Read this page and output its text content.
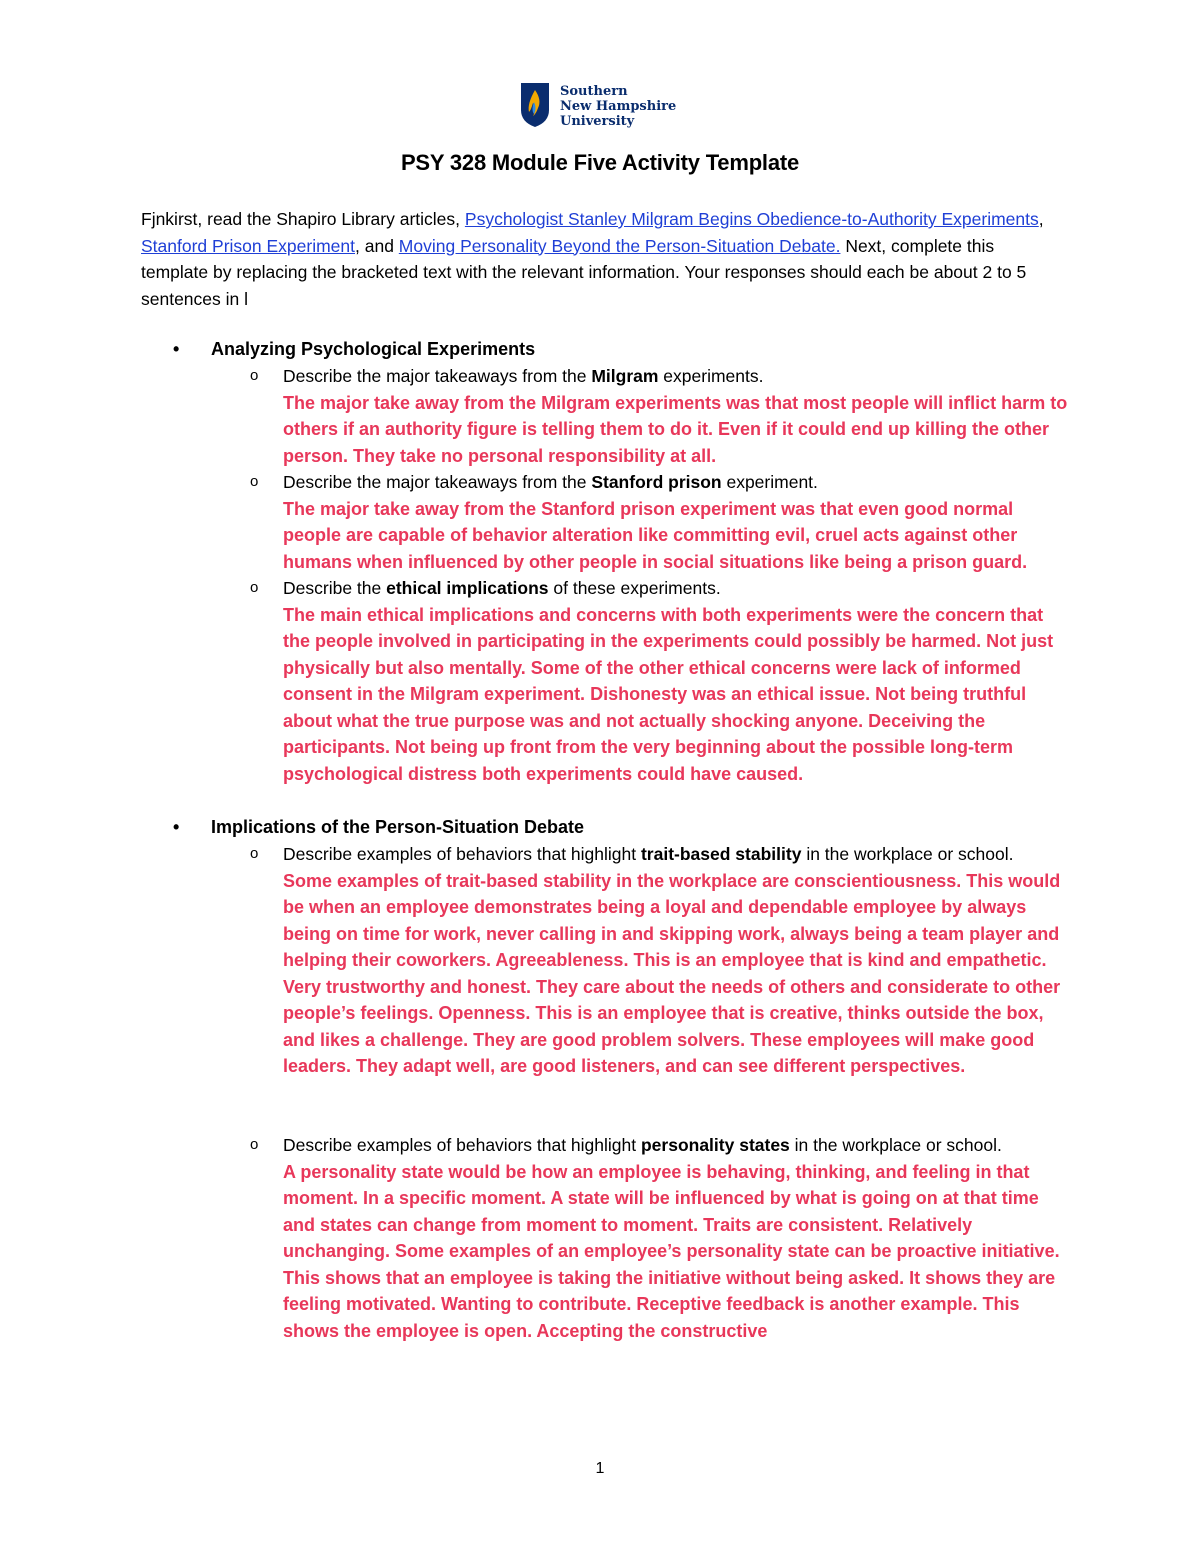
Southern
New Hampshire
University
PSY 328 Module Five Activity Template
Fjnkirst, read the Shapiro Library articles, Psychologist Stanley Milgram Begins Obedience-to-Authority Experiments, Stanford Prison Experiment, and Moving Personality Beyond the Person-Situation Debate. Next, complete this template by replacing the bracketed text with the relevant information. Your responses should each be about 2 to 5 sentences in l
• Analyzing Psychological Experiments
o Describe the major takeaways from the Milgram experiments.
The major take away from the Milgram experiments was that most people will inflict harm to others if an authority figure is telling them to do it. Even if it could end up killing the other person. They take no personal responsibility at all.
o Describe the major takeaways from the Stanford prison experiment.
The major take away from the Stanford prison experiment was that even good normal people are capable of behavior alteration like committing evil, cruel acts against other humans when influenced by other people in social situations like being a prison guard.
o Describe the ethical implications of these experiments.
The main ethical implications and concerns with both experiments were the concern that the people involved in participating in the experiments could possibly be harmed. Not just physically but also mentally. Some of the other ethical concerns were lack of informed consent in the Milgram experiment. Dishonesty was an ethical issue. Not being truthful about what the true purpose was and not actually shocking anyone. Deceiving the participants. Not being up front from the very beginning about the possible long-term psychological distress both experiments could have caused.
• Implications of the Person-Situation Debate
o Describe examples of behaviors that highlight trait-based stability in the workplace or school.
Some examples of trait-based stability in the workplace are conscientiousness. This would be when an employee demonstrates being a loyal and dependable employee by always being on time for work, never calling in and skipping work, always being a team player and helping their coworkers. Agreeableness. This is an employee that is kind and empathetic. Very trustworthy and honest. They care about the needs of others and considerate to other people’s feelings. Openness. This is an employee that is creative, thinks outside the box, and likes a challenge. They are good problem solvers. These employees will make good leaders. They adapt well, are good listeners, and can see different perspectives.
o Describe examples of behaviors that highlight personality states in the workplace or school.
A personality state would be how an employee is behaving, thinking, and feeling in that moment. In a specific moment. A state will be influenced by what is going on at that time and states can change from moment to moment. Traits are consistent. Relatively unchanging. Some examples of an employee’s personality state can be proactive initiative. This shows that an employee is taking the initiative without being asked. It shows they are feeling motivated. Wanting to contribute. Receptive feedback is another example. This shows the employee is open. Accepting the constructive
1
